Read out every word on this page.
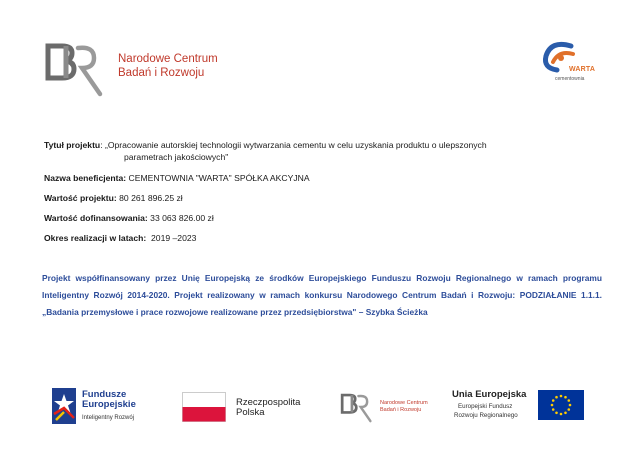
Narodowe Centrum
Badań i Rozwoju	WARTA
cementownia
Tytuł projektu: „Opracowanie autorskiej technologii wytwarzania cementu w celu uzyskania produktu o ulepszonych
parametrach jakościowych"
Nazwa beneficjenta: CEMENTOWNIA "WARTA" SPÓŁKA AKCYJNA
Wartość projektu: 80 261 896.25 zł
Wartość dofinansowania: 33 063 826.00 zł
Okres realizacji w latach: 2019 –2023

Projekt współfinansowany przez Unię Europejską ze środków Europejskiego Funduszu Rozwoju Regionalnego w ramach programu Inteligentny Rozwój 2014-2020. Projekt realizowany w ramach konkursu Narodowego Centrum Badań i Rozwoju: PODZIAŁANIE 1.1.1. „Badania przemysłowe i prace rozwojowe realizowane przez przedsiębiorstwa" – Szybka Ścieżka

Fundusze
Europejskie
Inteligentny Rozwój
Rzeczpospolita
Polska
Narodowe Centrum
Badań i Rozwoju
Unia Europejska
Europejski Fundusz
Rozwoju Regionalnego
